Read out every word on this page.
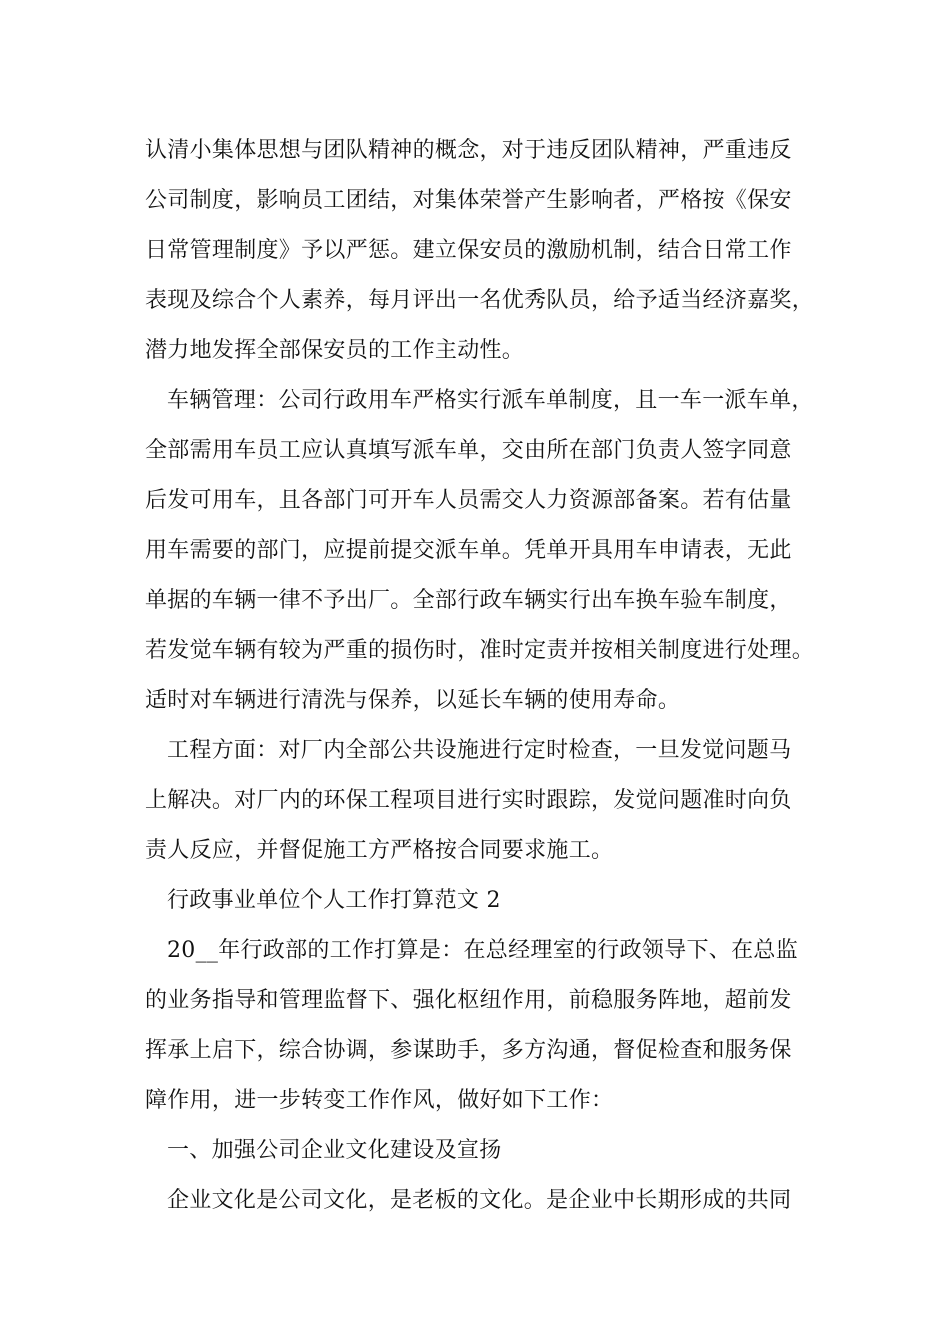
认清小集体思想与团队精神的概念，对于违反团队精神，严重违反
公司制度，影响员工团结，对集体荣誉产生影响者，严格按《保安
日常管理制度》予以严惩。建立保安员的激励机制，结合日常工作
表现及综合个人素养，每月评出一名优秀队员，给予适当经济嘉奖，
潜力地发挥全部保安员的工作主动性。
车辆管理：公司行政用车严格实行派车单制度，且一车一派车单，
全部需用车员工应认真填写派车单，交由所在部门负责人签字同意
后发可用车，且各部门可开车人员需交人力资源部备案。若有估量
用车需要的部门，应提前提交派车单。凭单开具用车申请表，无此
单据的车辆一律不予出厂。全部行政车辆实行出车换车验车制度，
若发觉车辆有较为严重的损伤时，准时定责并按相关制度进行处理。
适时对车辆进行清洗与保养，以延长车辆的使用寿命。
工程方面：对厂内全部公共设施进行定时检查，一旦发觉问题马
上解决。对厂内的环保工程项目进行实时跟踪，发觉问题准时向负
责人反应，并督促施工方严格按合同要求施工。
行政事业单位个人工作打算范文 2
20__年行政部的工作打算是：在总经理室的行政领导下、在总监
的业务指导和管理监督下、强化枢纽作用，前稳服务阵地，超前发
挥承上启下，综合协调，参谋助手，多方沟通，督促检查和服务保
障作用，进一步转变工作作风，做好如下工作：
一、加强公司企业文化建设及宣扬
企业文化是公司文化，是老板的文化。是企业中长期形成的共同
